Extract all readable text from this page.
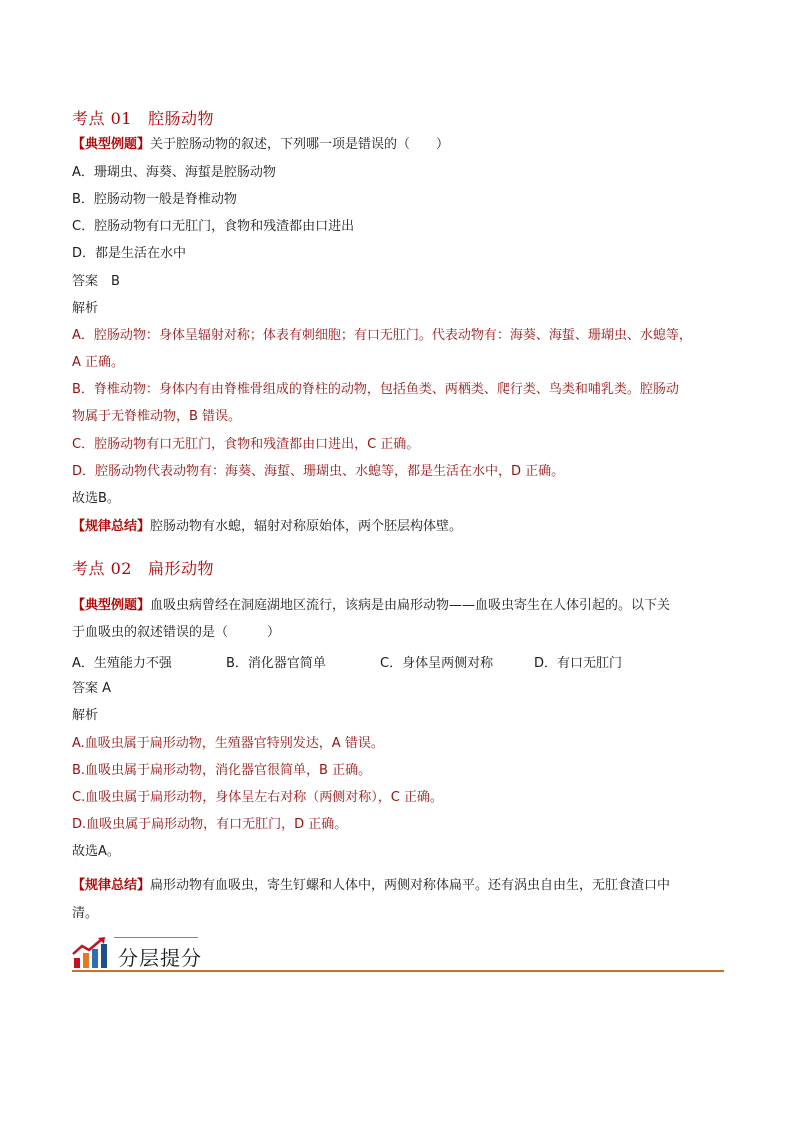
考点 01 腔肠动物
【典型例题】关于腔肠动物的叙述，下列哪一项是错误的（　　）
A．珊瑚虫、海葵、海蜇是腔肠动物
B．腔肠动物一般是脊椎动物
C．腔肠动物有口无肛门，食物和残渣都由口进出
D．都是生活在水中
答案　B
解析
A．腔肠动物：身体呈辐射对称；体表有刺细胞；有口无肛门。代表动物有：海葵、海蜇、珊瑚虫、水螅等，
A 正确。
B．脊椎动物：身体内有由脊椎骨组成的脊柱的动物，包括鱼类、两栖类、爬行类、鸟类和哺乳类。腔肠动
物属于无脊椎动物，B 错误。
C．腔肠动物有口无肛门，食物和残渣都由口进出，C 正确。
D．腔肠动物代表动物有：海葵、海蜇、珊瑚虫、水螅等，都是生活在水中，D 正确。
故选B。
【规律总结】腔肠动物有水螅，辐射对称原始体，两个胚层构体壁。
考点 02 扁形动物
【典型例题】血吸虫病曾经在洞庭湖地区流行，该病是由扁形动物——血吸虫寄生在人体引起的。以下关
于血吸虫的叙述错误的是（　　　）
A．生殖能力不强	B．消化器官简单	C．身体呈两侧对称	D．有口无肛门
答案 A
解析
A.血吸虫属于扁形动物，生殖器官特别发达，A 错误。
B.血吸虫属于扁形动物，消化器官很简单，B 正确。
C.血吸虫属于扁形动物，身体呈左右对称（两侧对称），C 正确。
D.血吸虫属于扁形动物，有口无肛门，D 正确。
故选A。
【规律总结】扁形动物有血吸虫，寄生钉螺和人体中，两侧对称体扁平。还有涡虫自由生，无肛食渣口中
清。
分层提分
